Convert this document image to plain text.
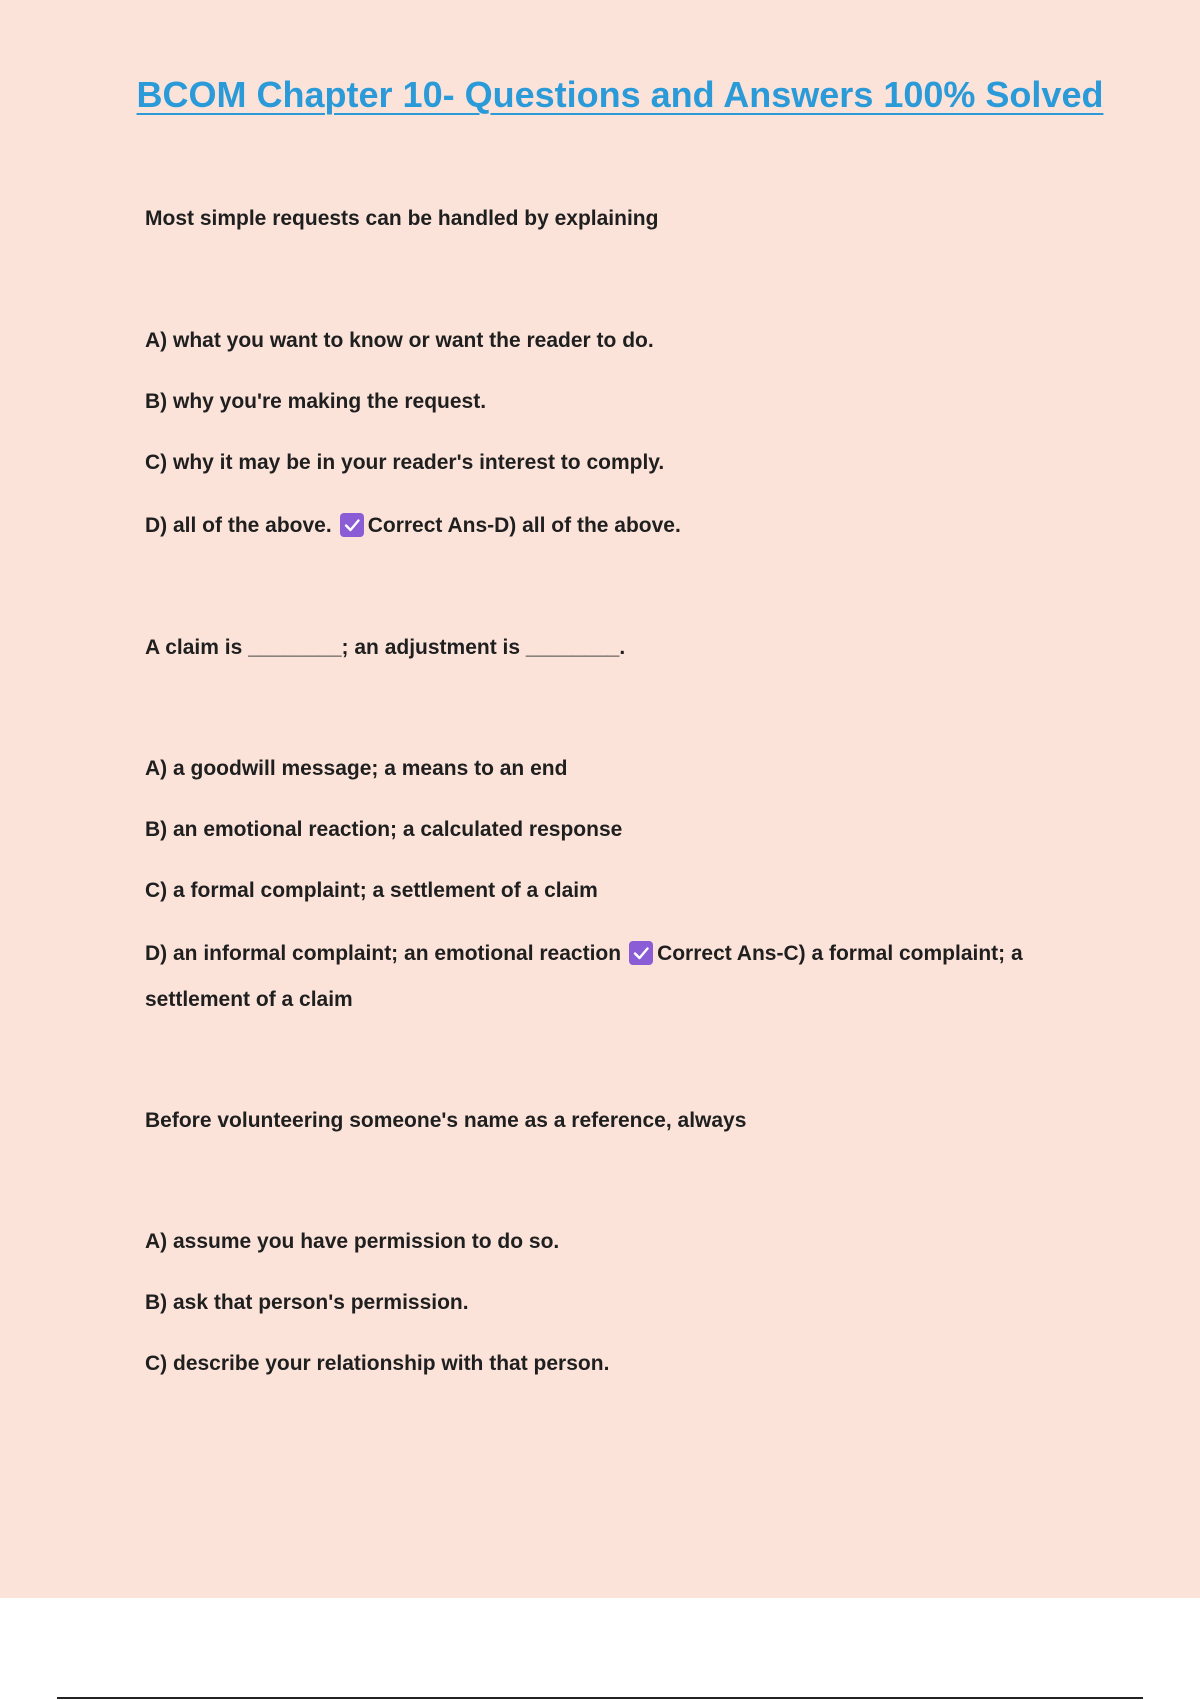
BCOM Chapter 10- Questions and Answers 100% Solved
Most simple requests can be handled by explaining
A) what you want to know or want the reader to do.
B) why you're making the request.
C) why it may be in your reader's interest to comply.
D) all of the above. Correct Ans-D) all of the above.
A claim is ________; an adjustment is ________.
A) a goodwill message; a means to an end
B) an emotional reaction; a calculated response
C) a formal complaint; a settlement of a claim
D) an informal complaint; an emotional reaction Correct Ans-C) a formal complaint; a
settlement of a claim
Before volunteering someone's name as a reference, always
A) assume you have permission to do so.
B) ask that person's permission.
C) describe your relationship with that person.
